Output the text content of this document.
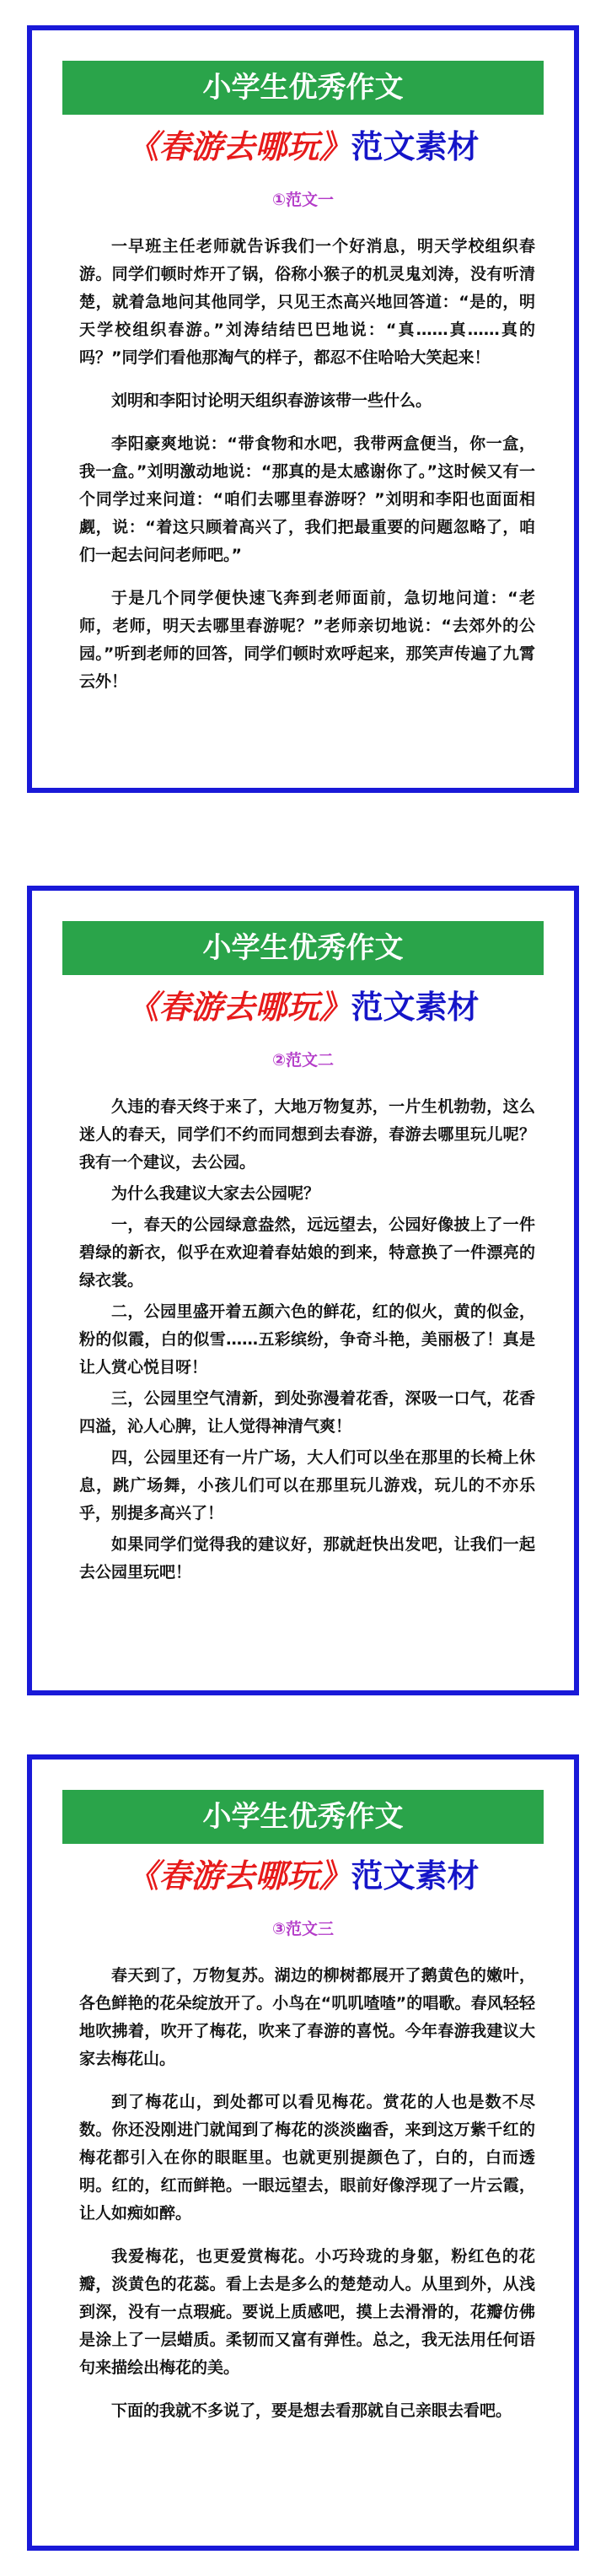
小学生优秀作文
《春游去哪玩》范文素材
①范文一

一早班主任老师就告诉我们一个好消息，明天学校组织春游。同学们顿时炸开了锅，俗称小猴子的机灵鬼刘涛，没有听清楚，就着急地问其他同学，只见王杰高兴地回答道：“是的，明天学校组织春游。”刘涛结结巴巴地说：“真……真……真的吗？”同学们看他那淘气的样子，都忍不住哈哈大笑起来！

刘明和李阳讨论明天组织春游该带一些什么。

李阳豪爽地说：“带食物和水吧，我带两盒便当，你一盒，我一盒。”刘明激动地说：“那真的是太感谢你了。”这时候又有一个同学过来问道：“咱们去哪里春游呀？”刘明和李阳也面面相觑，说：“着这只顾着高兴了，我们把最重要的问题忽略了，咱们一起去问问老师吧。”

于是几个同学便快速飞奔到老师面前，急切地问道：“老师，老师，明天去哪里春游呢？”老师亲切地说：“去郊外的公园。”听到老师的回答，同学们顿时欢呼起来，那笑声传遍了九霄云外！

小学生优秀作文
《春游去哪玩》范文素材
②范文二

久违的春天终于来了，大地万物复苏，一片生机勃勃，这么迷人的春天，同学们不约而同想到去春游，春游去哪里玩儿呢？我有一个建议，去公园。

为什么我建议大家去公园呢？

一，春天的公园绿意盎然，远远望去，公园好像披上了一件碧绿的新衣，似乎在欢迎着春姑娘的到来，特意换了一件漂亮的绿衣裳。

二，公园里盛开着五颜六色的鲜花，红的似火，黄的似金，粉的似霞，白的似雪……五彩缤纷，争奇斗艳，美丽极了！真是让人赏心悦目呀！

三，公园里空气清新，到处弥漫着花香，深吸一口气，花香四溢，沁人心脾，让人觉得神清气爽！

四，公园里还有一片广场，大人们可以坐在那里的长椅上休息，跳广场舞，小孩儿们可以在那里玩儿游戏，玩儿的不亦乐乎，别提多高兴了！

如果同学们觉得我的建议好，那就赶快出发吧，让我们一起去公园里玩吧！

小学生优秀作文
《春游去哪玩》范文素材
③范文三

春天到了，万物复苏。湖边的柳树都展开了鹅黄色的嫩叶，各色鲜艳的花朵绽放开了。小鸟在“叽叽喳喳”的唱歌。春风轻轻地吹拂着，吹开了梅花，吹来了春游的喜悦。今年春游我建议大家去梅花山。

到了梅花山，到处都可以看见梅花。赏花的人也是数不尽数。你还没刚进门就闻到了梅花的淡淡幽香，来到这万紫千红的梅花都引入在你的眼眶里。也就更别提颜色了，白的，白而透明。红的，红而鲜艳。一眼远望去，眼前好像浮现了一片云霞，让人如痴如醉。

我爱梅花，也更爱赏梅花。小巧玲珑的身躯，粉红色的花瓣，淡黄色的花蕊。看上去是多么的楚楚动人。从里到外，从浅到深，没有一点瑕疵。要说上质感吧，摸上去滑滑的，花瓣仿佛是涂上了一层蜡质。柔韧而又富有弹性。总之，我无法用任何语句来描绘出梅花的美。

下面的我就不多说了，要是想去看那就自己亲眼去看吧。
